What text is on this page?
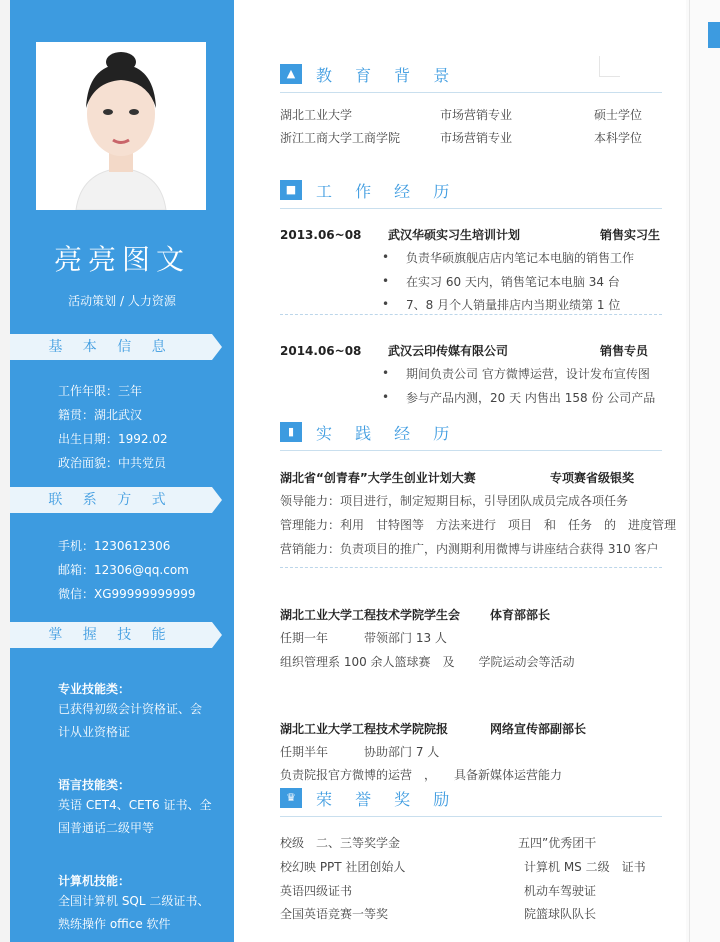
亮亮图文
活动策划 / 人力资源
基 本 信 息
工作年限：三年
籍贯：湖北武汉
出生日期：1992.02
政治面貌：中共党员
联 系 方 式
手机：1230612306
邮箱：12306@qq.com
微信：XG99999999999
掌 握 技 能
专业技能类：
已获得初级会计资格证、会
计从业资格证
语言技能类：
英语 CET4、CET6 证书、全
国普通话二级甲等
计算机技能：
全国计算机 SQL 二级证书、
熟练操作 office 软件
▲	教 育 背 景
湖北工业大学	市场营销专业	硕士学位
浙江工商大学工商学院	市场营销专业	本科学位
■	工 作 经 历
2013.06~08 武汉华硕实习生培训计划	销售实习生
• 负责华硕旗舰店店内笔记本电脑的销售工作
• 在实习 60 天内，销售笔记本电脑 34 台
• 7、8 月个人销量排店内当期业绩第 1 位
2014.06~08 武汉云印传媒有限公司	销售专员
• 期间负责公司 官方微博运营，设计发布宣传图
• 参与产品内测，20 天 内售出 158 份 公司产品
▮	实 践 经 历
湖北省“创青春”大学生创业计划大赛	专项赛省级银奖
领导能力：项目进行，制定短期目标，引导团队成员完成各项任务
管理能力：利用　甘特图等　方法来进行　项目　和　任务　的　进度管理
营销能力：负责项目的推广，内测期利用微博与讲座结合获得 310 客户
湖北工业大学工程技术学院学生会 体育部部长
任期一年　　　带领部门 13 人
组织管理系 100 余人篮球赛　及　　学院运动会等活动
湖北工业大学工程技术学院院报	网络宣传部副部长
任期半年　　　协助部门 7 人
负责院报官方微博的运营　，　　具备新媒体运营能力
♛	荣 誉 奖 励
校级　二、三等奖学金	五四”优秀团干
校幻映 PPT 社团创始人	计算机 MS 二级　证书
英语四级证书	机动车驾驶证
全国英语竞赛一等奖	院篮球队队长
